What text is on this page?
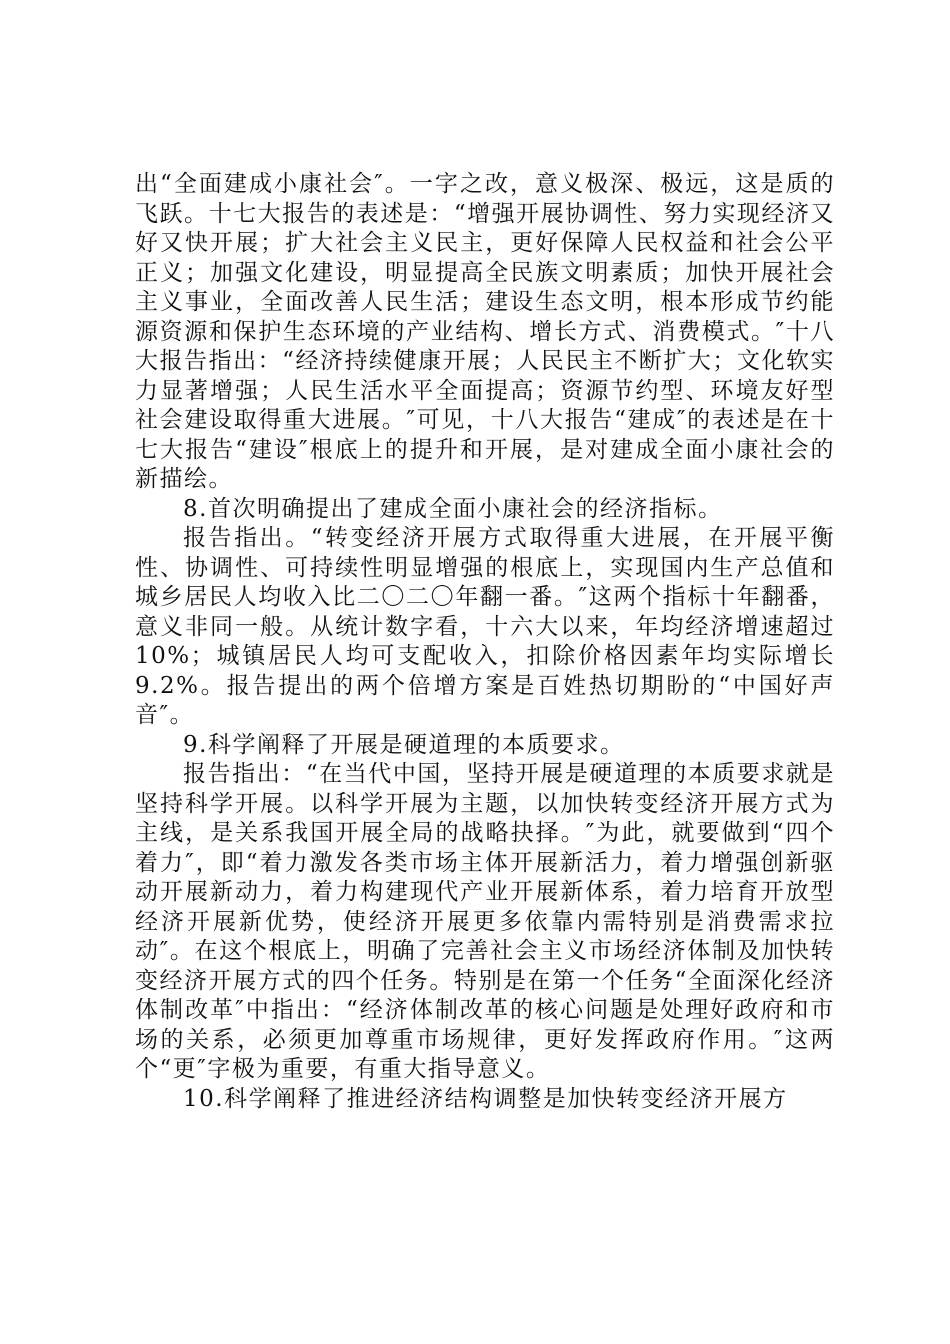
出“全面建成小康社会″。一字之改，意义极深、极远，这是质的飞跃。十七大报告的表述是：“增强开展协调性、努力实现经济又好又快开展；扩大社会主义民主，更好保障人民权益和社会公平正义；加强文化建设，明显提高全民族文明素质；加快开展社会主义事业，全面改善人民生活；建设生态文明，根本形成节约能源资源和保护生态环境的产业结构、增长方式、消费模式。″十八大报告指出：“经济持续健康开展；人民民主不断扩大；文化软实力显著增强；人民生活水平全面提高；资源节约型、环境友好型社会建设取得重大进展。″可见，十八大报告“建成″的表述是在十七大报告“建设″根底上的提升和开展，是对建成全面小康社会的新描绘。

8.首次明确提出了建成全面小康社会的经济指标。

报告指出。“转变经济开展方式取得重大进展，在开展平衡性、协调性、可持续性明显增强的根底上，实现国内生产总值和城乡居民人均收入比二〇二〇年翻一番。″这两个指标十年翻番，意义非同一般。从统计数字看，十六大以来，年均经济增速超过10%；城镇居民人均可支配收入，扣除价格因素年均实际增长9.2%。报告提出的两个倍增方案是百姓热切期盼的“中国好声音″。

9.科学阐释了开展是硬道理的本质要求。

报告指出：“在当代中国，坚持开展是硬道理的本质要求就是坚持科学开展。以科学开展为主题，以加快转变经济开展方式为主线，是关系我国开展全局的战略抉择。″为此，就要做到“四个着力″，即“着力激发各类市场主体开展新活力，着力增强创新驱动开展新动力，着力构建现代产业开展新体系，着力培育开放型经济开展新优势，使经济开展更多依靠内需特别是消费需求拉动″。在这个根底上，明确了完善社会主义市场经济体制及加快转变经济开展方式的四个任务。特别是在第一个任务“全面深化经济体制改革″中指出：“经济体制改革的核心问题是处理好政府和市场的关系，必须更加尊重市场规律，更好发挥政府作用。″这两个“更″字极为重要，有重大指导意义。

10.科学阐释了推进经济结构调整是加快转变经济开展方
